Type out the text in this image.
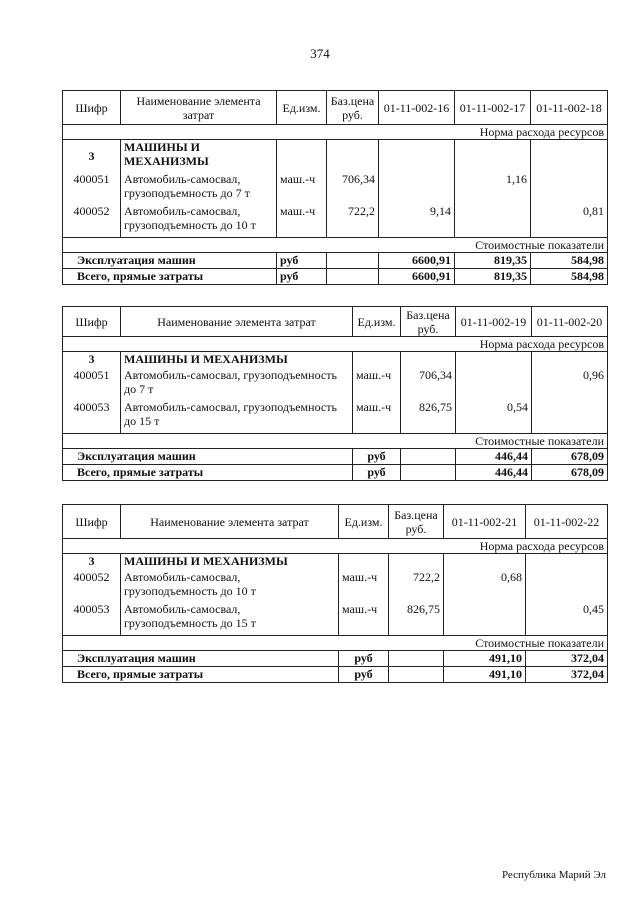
374
Шифр	Наименование элемента затрат	Ед.изм.	Баз.цена руб.	01-11-002-16	01-11-002-17	01-11-002-18
Норма расхода ресурсов						
3	МАШИНЫ И МЕХАНИЗМЫ					
400051	Автомобиль-самосвал, грузоподъемность до 7 т	маш.-ч	706,34		1,16	
400052	Автомобиль-самосвал, грузоподъемность до 10 т	маш.-ч	722,2	9,14		0,81
Стоимостные показатели						
Эксплуатация машин		руб		6600,91	819,35	584,98
Всего, прямые затраты		руб		6600,91	819,35	584,98
Шифр	Наименование элемента затрат	Ед.изм.	Баз.цена руб.	01-11-002-19	01-11-002-20
Норма расхода ресурсов					
3	МАШИНЫ И МЕХАНИЗМЫ				
400051	Автомобиль-самосвал, грузоподъемность до 7 т	маш.-ч	706,34		0,96
400053	Автомобиль-самосвал, грузоподъемность до 15 т	маш.-ч	826,75	0,54	
Стоимостные показатели					
Эксплуатация машин		руб		446,44	678,09
Всего, прямые затраты		руб		446,44	678,09
Шифр	Наименование элемента затрат	Ед.изм.	Баз.цена руб.	01-11-002-21	01-11-002-22
Норма расхода ресурсов					
3	МАШИНЫ И МЕХАНИЗМЫ				
400052	Автомобиль-самосвал, грузоподъемность до 10 т	маш.-ч	722,2	0,68	
400053	Автомобиль-самосвал, грузоподъемность до 15 т	маш.-ч	826,75		0,45
Стоимостные показатели					
Эксплуатация машин		руб		491,10	372,04
Всего, прямые затраты		руб		491,10	372,04
Республика Марий Эл
